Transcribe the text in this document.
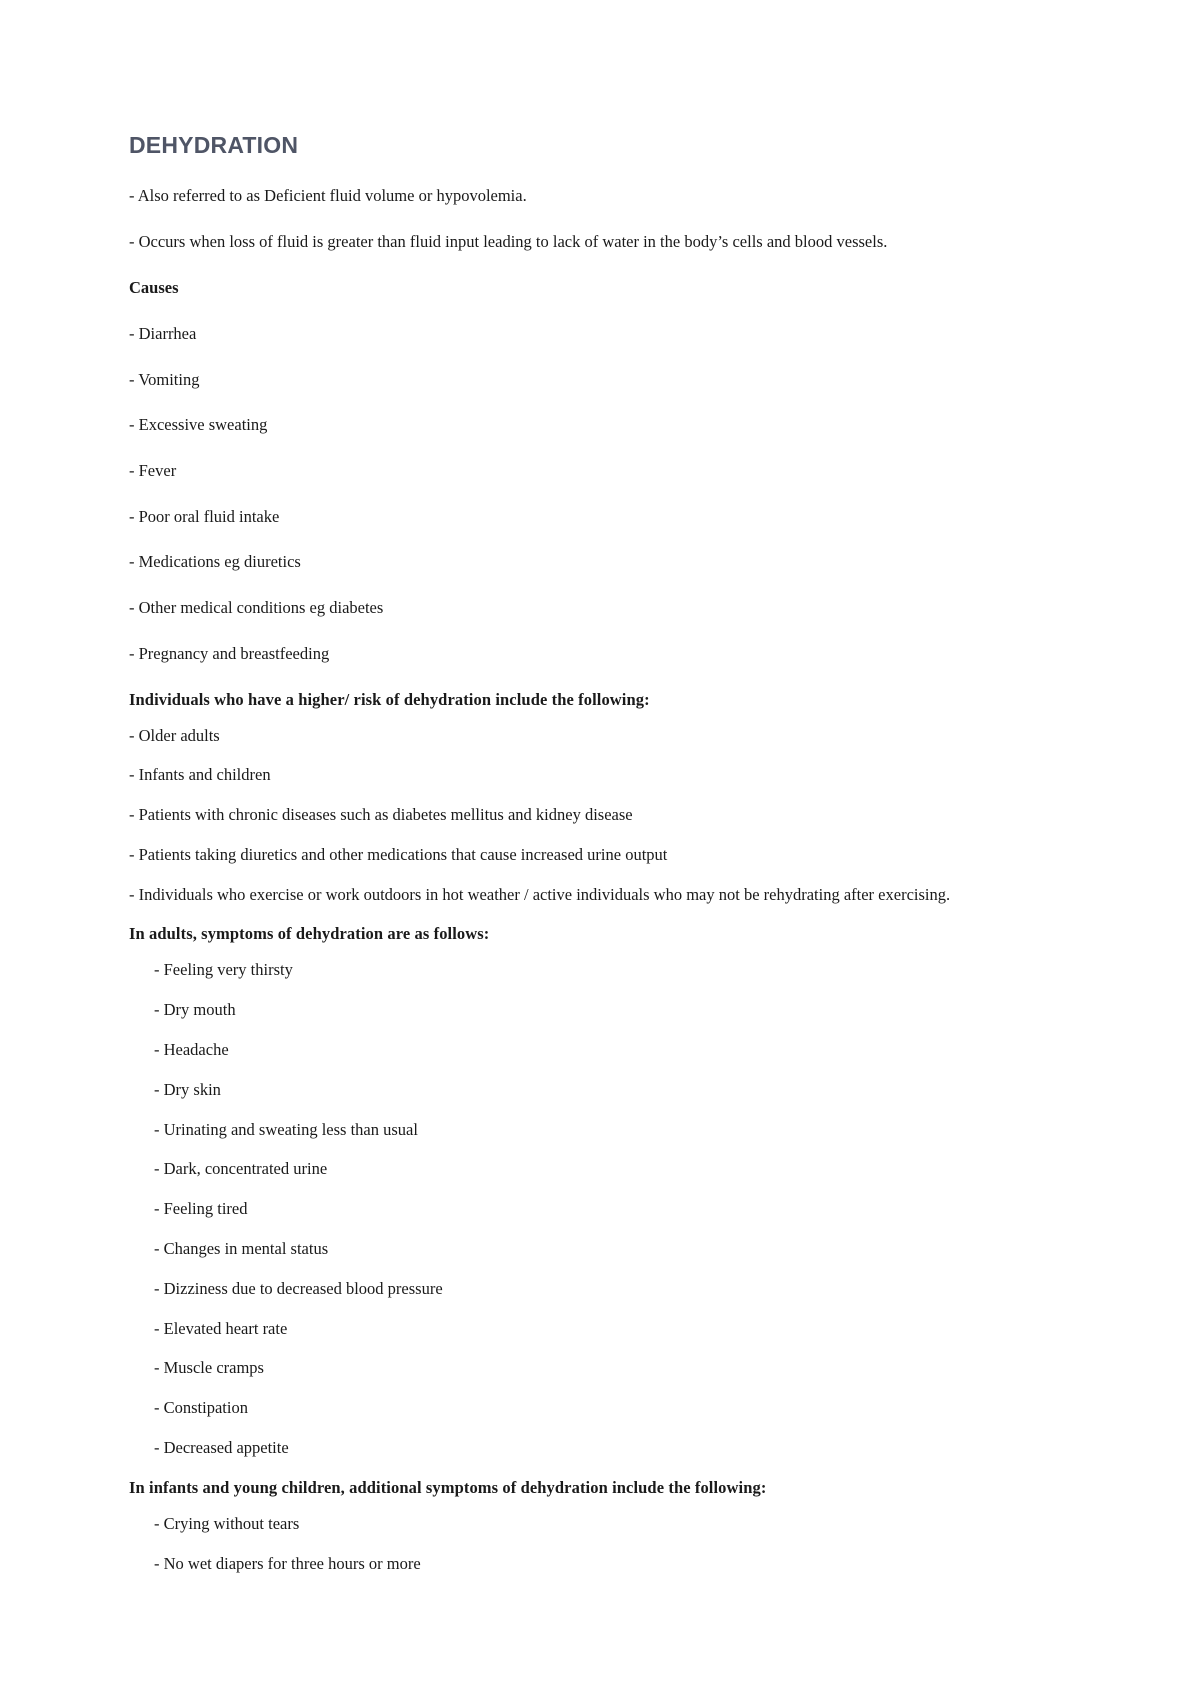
DEHYDRATION
- Also referred to as Deficient fluid volume or hypovolemia.
- Occurs when loss of fluid is greater than fluid input leading to lack of water in the body’s cells and blood vessels.
Causes
- Diarrhea
- Vomiting
- Excessive sweating
- Fever
- Poor oral fluid intake
- Medications eg diuretics
- Other medical conditions eg diabetes
- Pregnancy and breastfeeding
Individuals who have a higher/ risk of dehydration include the following:
- Older adults
- Infants and children
- Patients with chronic diseases such as diabetes mellitus and kidney disease
- Patients taking diuretics and other medications that cause increased urine output
- Individuals who exercise or work outdoors in hot weather / active individuals who may not be rehydrating after exercising.
In adults, symptoms of dehydration are as follows:
- Feeling very thirsty
- Dry mouth
- Headache
- Dry skin
- Urinating and sweating less than usual
- Dark, concentrated urine
- Feeling tired
- Changes in mental status
- Dizziness due to decreased blood pressure
- Elevated heart rate
- Muscle cramps
- Constipation
- Decreased appetite
In infants and young children, additional symptoms of dehydration include the following:
- Crying without tears
- No wet diapers for three hours or more
